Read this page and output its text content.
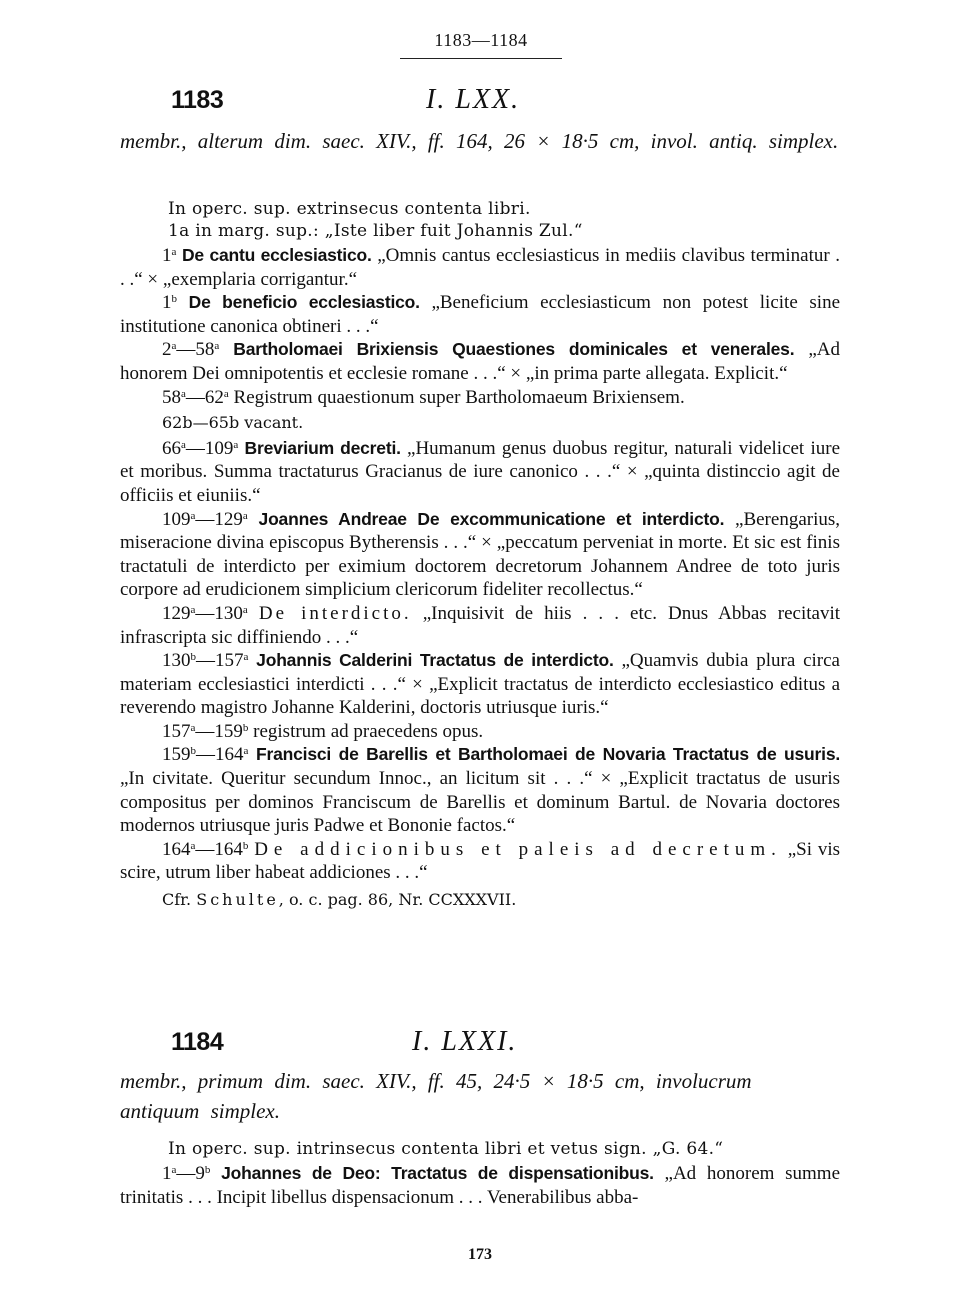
1183—1184
1183	I. LXX.
membr., alterum dim. saec. XIV., ff. 164, 26 × 18·5 cm, invol. antiq. simplex.
In operc. sup. extrinsecus contenta libri.
1a in marg. sup.: „Iste liber fuit Johannis Zul.“

1$^a$ De cantu ecclesiastico. „Omnis cantus ecclesiasticus in mediis clavibus terminatur . . .“ × „exemplaria corrigantur.“

1$^b$ De beneficio ecclesiastico. „Beneficium ecclesiasticum non potest licite sine institutione canonica obtineri . . .“

2$^a$—58$^a$ Bartholomaei Brixiensis Quaestiones dominicales et venerales. „Ad honorem Dei omnipotentis et ecclesie romane . . .“ × „in prima parte allegata. Explicit.“

58$^a$—62$^a$ Registrum quaestionum super Bartholomaeum Brixiensem.

62b—65b vacant.

66$^a$—109$^a$ Breviarium decreti. „Humanum genus duobus regitur, naturali videlicet iure et moribus. Summa tractaturus Gracianus de iure canonico . . .“ × „quinta distinccio agit de officiis et eiuniis.“

109$^a$—129$^a$ Joannes Andreae De excommunicatione et interdicto. „Berengarius, miseracione divina episcopus Bytherensis . . .“ × „peccatum perveniat in morte. Et sic est finis tractatuli de interdicto per eximium doctorem decretorum Johannem Andree de toto juris corpore ad erudicionem simplicium clericorum fideliter recollectus.“

129$^a$—130$^a$ De interdicto. „Inquisivit de hiis . . . etc. Dnus Abbas recitavit infrascripta sic diffiniendo . . .“

130$^b$—157$^a$ Johannis Calderini Tractatus de interdicto. „Quamvis dubia plura circa materiam ecclesiastici interdicti . . .“ × „Explicit tractatus de interdicto ecclesiastico editus a reverendo magistro Johanne Kalderini, doctoris utriusque iuris.“

157$^a$—159$^b$ registrum ad praecedens opus.

159$^b$—164$^a$ Francisci de Barellis et Bartholomaei de Novaria Tractatus de usuris. „In civitate. Queritur secundum Innoc., an licitum sit . . .“ × „Explicit tractatus de usuris compositus per dominos Franciscum de Barellis et dominum Bartul. de Novaria doctores modernos utriusque juris Padwe et Bononie factos.“

164$^a$—164$^b$ De addicionibus et paleis ad decretum. „Si vis scire, utrum liber habeat addiciones . . .“

Cfr. Schulte, o. c. pag. 86, Nr. CCXXXVII.

1184	I. LXXI.
membr., primum dim. saec. XIV., ff. 45, 24·5 × 18·5 cm, involucrum antiquum simplex.
In operc. sup. intrinsecus contenta libri et vetus sign. „G. 64.“

1$^a$—9$^b$ Johannes de Deo: Tractatus de dispensationibus. „Ad honorem summe trinitatis . . . Incipit libellus dispensacionum . . . Venerabilibus abba-

173
